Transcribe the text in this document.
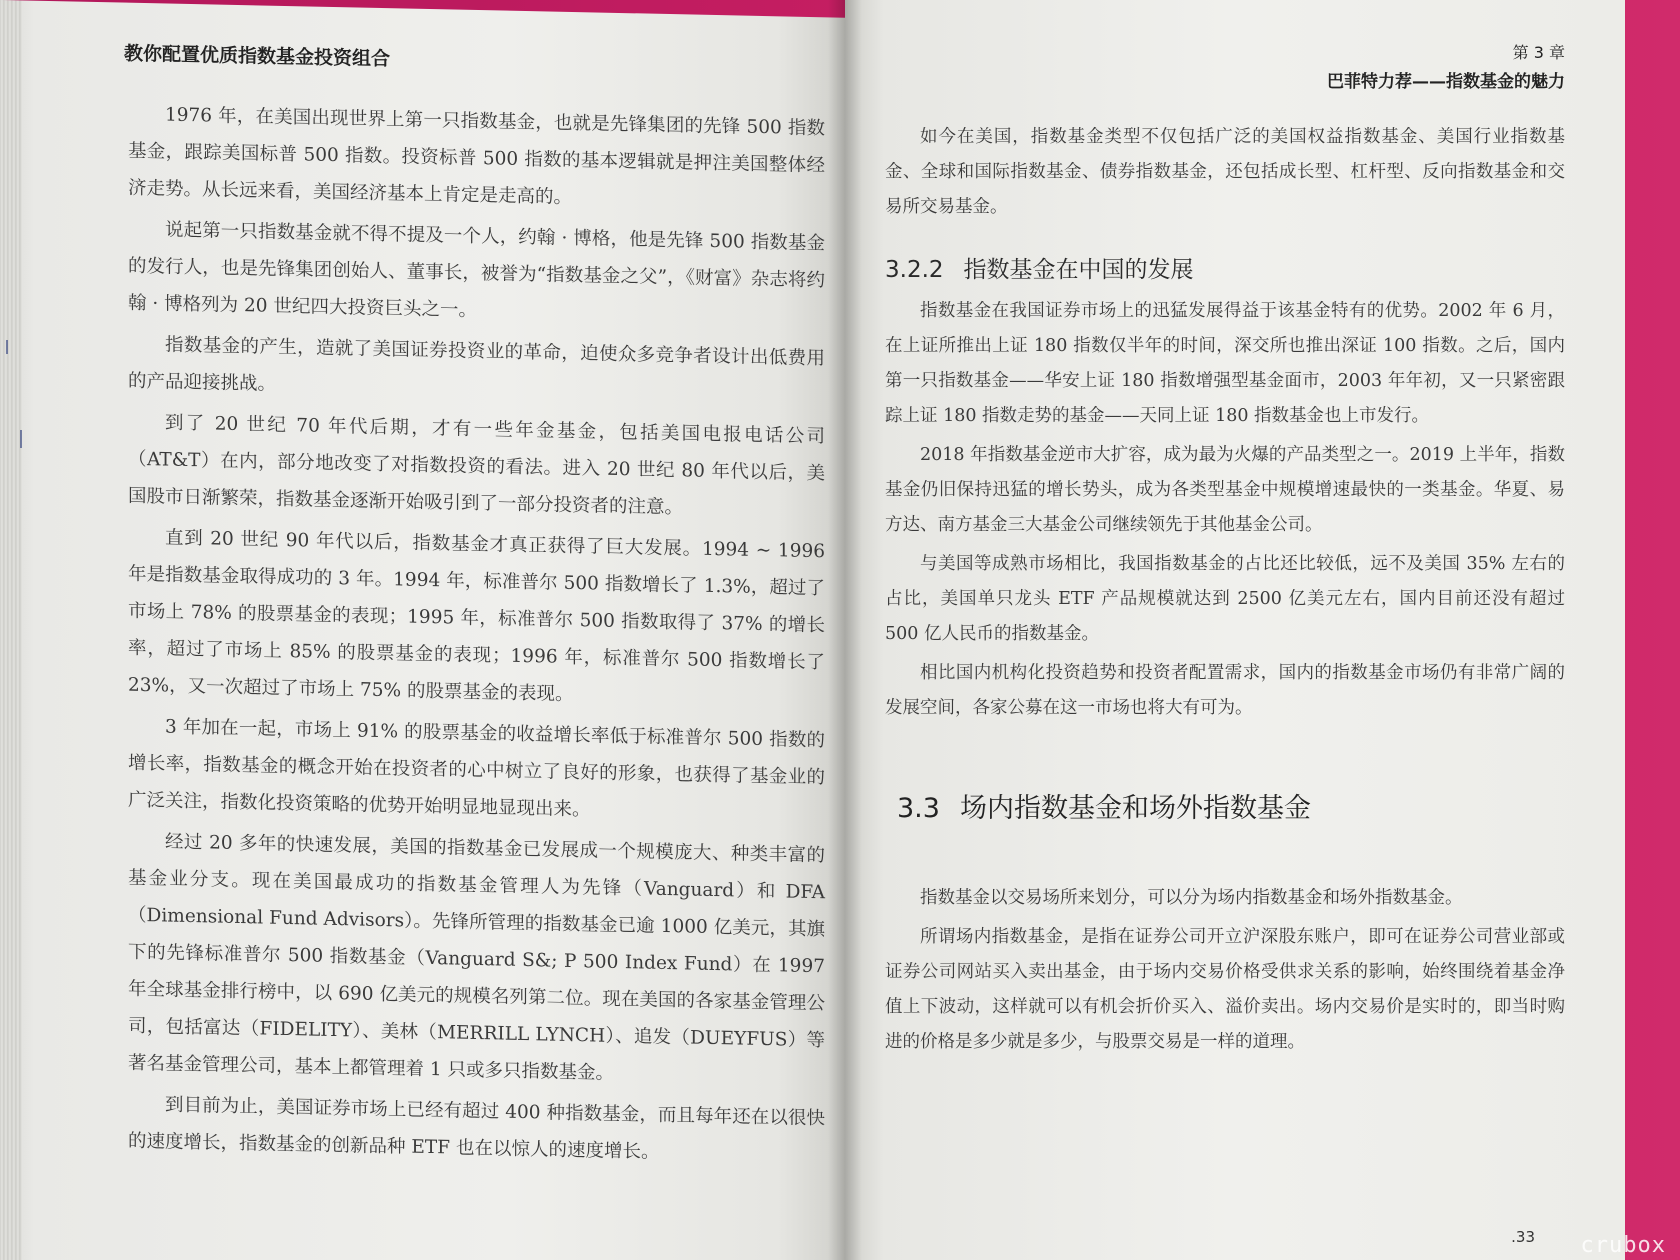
教你配置优质指数基金投资组合

1976 年，在美国出现世界上第一只指数基金，也就是先锋集团的先锋 500 指数基金，跟踪美国标普 500 指数。投资标普 500 指数的基本逻辑就是押注美国整体经济走势。从长远来看，美国经济基本上肯定是走高的。

说起第一只指数基金就不得不提及一个人，约翰 · 博格，他是先锋 500 指数基金的发行人，也是先锋集团创始人、董事长，被誉为“指数基金之父”，《财富》杂志将约翰 · 博格列为 20 世纪四大投资巨头之一。

指数基金的产生，造就了美国证券投资业的革命，迫使众多竞争者设计出低费用的产品迎接挑战。

到了 20 世纪 70 年代后期，才有一些年金基金，包括美国电报电话公司（AT&T）在内，部分地改变了对指数投资的看法。进入 20 世纪 80 年代以后，美国股市日渐繁荣，指数基金逐渐开始吸引到了一部分投资者的注意。

直到 20 世纪 90 年代以后，指数基金才真正获得了巨大发展。1994 ~ 1996 年是指数基金取得成功的 3 年。1994 年，标准普尔 500 指数增长了 1.3%，超过了市场上 78% 的股票基金的表现；1995 年，标准普尔 500 指数取得了 37% 的增长率，超过了市场上 85% 的股票基金的表现；1996 年，标准普尔 500 指数增长了 23%，又一次超过了市场上 75% 的股票基金的表现。

3 年加在一起，市场上 91% 的股票基金的收益增长率低于标准普尔 500 指数的增长率，指数基金的概念开始在投资者的心中树立了良好的形象，也获得了基金业的广泛关注，指数化投资策略的优势开始明显地显现出来。

经过 20 多年的快速发展，美国的指数基金已发展成一个规模庞大、种类丰富的基金业分支。现在美国最成功的指数基金管理人为先锋（Vanguard）和 DFA（Dimensional Fund Advisors）。先锋所管理的指数基金已逾 1000 亿美元，其旗下的先锋标准普尔 500 指数基金（Vanguard S&; P 500 Index Fund）在 1997 年全球基金排行榜中，以 690 亿美元的规模名列第二位。现在美国的各家基金管理公司，包括富达（FIDELITY）、美林（MERRILL LYNCH）、追发（DUEYFUS）等著名基金管理公司，基本上都管理着 1 只或多只指数基金。

到目前为止，美国证券市场上已经有超过 400 种指数基金，而且每年还在以很快的速度增长，指数基金的创新品种 ETF 也在以惊人的速度增长。

第 3 章
巴菲特力荐——指数基金的魅力

如今在美国，指数基金类型不仅包括广泛的美国权益指数基金、美国行业指数基金、全球和国际指数基金、债券指数基金，还包括成长型、杠杆型、反向指数基金和交易所交易基金。

3.2.2 指数基金在中国的发展

指数基金在我国证券市场上的迅猛发展得益于该基金特有的优势。2002 年 6 月，在上证所推出上证 180 指数仅半年的时间，深交所也推出深证 100 指数。之后，国内第一只指数基金——华安上证 180 指数增强型基金面市，2003 年年初，又一只紧密跟踪上证 180 指数走势的基金——天同上证 180 指数基金也上市发行。

2018 年指数基金逆市大扩容，成为最为火爆的产品类型之一。2019 上半年，指数基金仍旧保持迅猛的增长势头，成为各类型基金中规模增速最快的一类基金。华夏、易方达、南方基金三大基金公司继续领先于其他基金公司。

与美国等成熟市场相比，我国指数基金的占比还比较低，远不及美国 35% 左右的占比，美国单只龙头 ETF 产品规模就达到 2500 亿美元左右，国内目前还没有超过 500 亿人民币的指数基金。

相比国内机构化投资趋势和投资者配置需求，国内的指数基金市场仍有非常广阔的发展空间，各家公募在这一市场也将大有可为。

3.3 场内指数基金和场外指数基金

指数基金以交易场所来划分，可以分为场内指数基金和场外指数基金。

所谓场内指数基金，是指在证券公司开立沪深股东账户，即可在证券公司营业部或证券公司网站买入卖出基金，由于场内交易价格受供求关系的影响，始终围绕着基金净值上下波动，这样就可以有机会折价买入、溢价卖出。场内交易价是实时的，即当时购进的价格是多少就是多少，与股票交易是一样的道理。

.33 crubox
